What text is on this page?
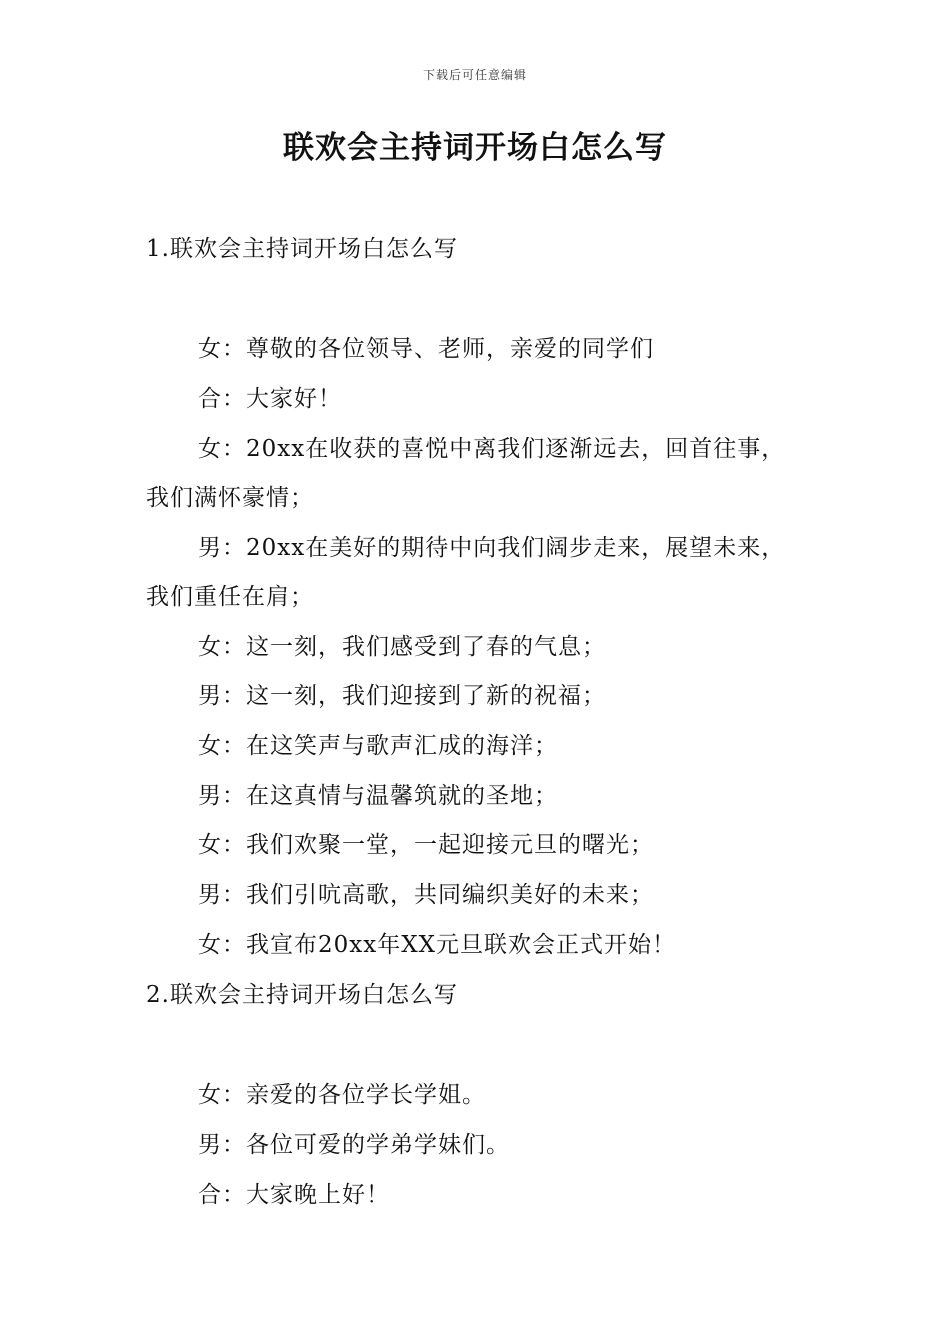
下载后可任意编辑
联欢会主持词开场白怎么写
1.联欢会主持词开场白怎么写
女：尊敬的各位领导、老师，亲爱的同学们
合：大家好！
女：20xx在收获的喜悦中离我们逐渐远去，回首往事，
我们满怀豪情；
男：20xx在美好的期待中向我们阔步走来，展望未来，
我们重任在肩；
女：这一刻，我们感受到了春的气息；
男：这一刻，我们迎接到了新的祝福；
女：在这笑声与歌声汇成的海洋；
男：在这真情与温馨筑就的圣地；
女：我们欢聚一堂，一起迎接元旦的曙光；
男：我们引吭高歌，共同编织美好的未来；
女：我宣布20xx年XX元旦联欢会正式开始！
2.联欢会主持词开场白怎么写
女：亲爱的各位学长学姐。
男：各位可爱的学弟学妹们。
合：大家晚上好！
